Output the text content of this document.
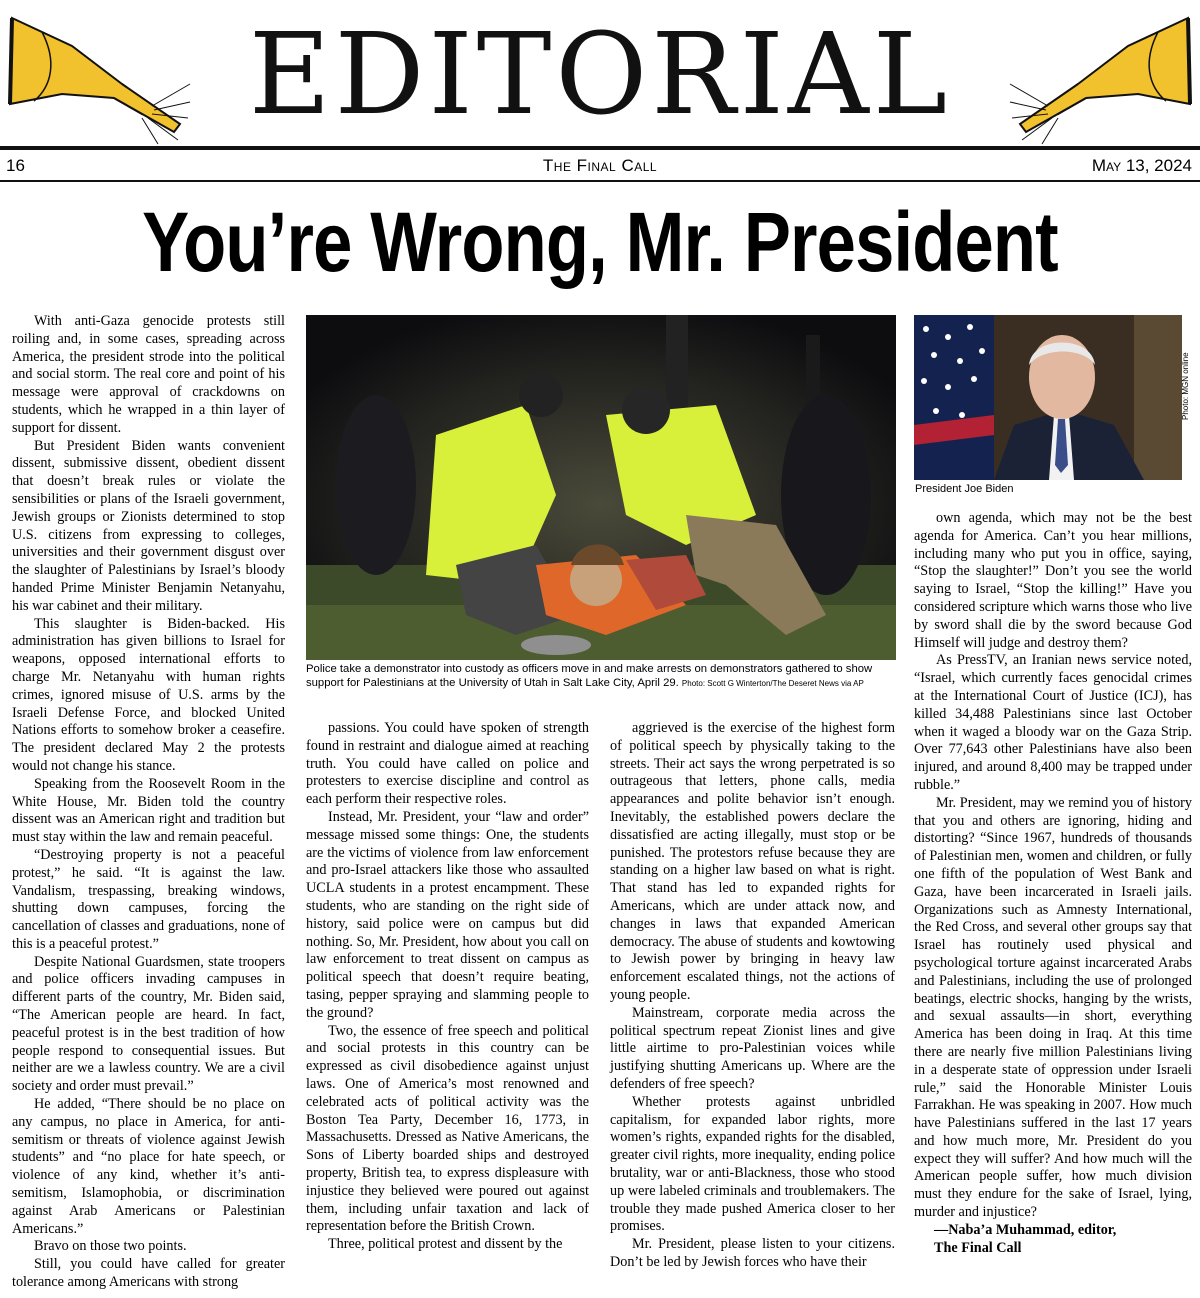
EDITORIAL
The Final Call
16	May 13, 2024
You’re Wrong, Mr. President

With anti-Gaza genocide protests still roiling and, in some cases, spreading across America, the president strode into the political and social storm. The real core and point of his message were approval of crackdowns on students, which he wrapped in a thin layer of support for dissent.

But President Biden wants convenient dissent, submissive dissent, obedient dissent that doesn’t break rules or violate the sensibilities or plans of the Israeli government, Jewish groups or Zionists determined to stop U.S. citizens from expressing to colleges, universities and their government disgust over the slaughter of Palestinians by Israel’s bloody handed Prime Minister Benjamin Netanyahu, his war cabinet and their military.

This slaughter is Biden-backed. His administration has given billions to Israel for weapons, opposed international efforts to charge Mr. Netanyahu with human rights crimes, ignored misuse of U.S. arms by the Israeli Defense Force, and blocked United Nations efforts to somehow broker a ceasefire. The president declared May 2 the protests would not change his stance.

Speaking from the Roosevelt Room in the White House, Mr. Biden told the country dissent was an American right and tradition but must stay within the law and remain peaceful.

“Destroying property is not a peaceful protest,” he said. “It is against the law. Vandalism, trespassing, breaking windows, shutting down campuses, forcing the cancellation of classes and graduations, none of this is a peaceful protest.”

Despite National Guardsmen, state troopers and police officers invading campuses in different parts of the country, Mr. Biden said, “The American people are heard. In fact, peaceful protest is in the best tradition of how people respond to consequential issues. But neither are we a lawless country. We are a civil society and order must prevail.”

He added, “There should be no place on any campus, no place in America, for anti-semitism or threats of violence against Jewish students” and “no place for hate speech, or violence of any kind, whether it’s anti-semitism, Islamophobia, or discrimination against Arab Americans or Palestinian Americans.”

Bravo on those two points.

Still, you could have called for greater tolerance among Americans with strong

Police take a demonstrator into custody as officers move in and make arrests on demonstrators gathered to show support for Palestinians at the University of Utah in Salt Lake City, April 29. Photo: Scott G Winterton/The Deseret News via AP
Photo: MGN online
President Joe Biden

passions. You could have spoken of strength found in restraint and dialogue aimed at reaching truth. You could have called on police and protesters to exercise discipline and control as each perform their respective roles.

Instead, Mr. President, your “law and order” message missed some things: One, the students are the victims of violence from law enforcement and pro-Israel attackers like those who assaulted UCLA students in a protest encampment. These students, who are standing on the right side of history, said police were on campus but did nothing. So, Mr. President, how about you call on law enforcement to treat dissent on campus as political speech that doesn’t require beating, tasing, pepper spraying and slamming people to the ground?

Two, the essence of free speech and political and social protests in this country can be expressed as civil disobedience against unjust laws. One of America’s most renowned and celebrated acts of political activity was the Boston Tea Party, December 16, 1773, in Massachusetts. Dressed as Native Americans, the Sons of Liberty boarded ships and destroyed property, British tea, to express displeasure with injustice they believed were poured out against them, including unfair taxation and lack of representation before the British Crown.

Three, political protest and dissent by the

aggrieved is the exercise of the highest form of political speech by physically taking to the streets. Their act says the wrong perpetrated is so outrageous that letters, phone calls, media appearances and polite behavior isn’t enough. Inevitably, the established powers declare the dissatisfied are acting illegally, must stop or be punished. The protestors refuse because they are standing on a higher law based on what is right. That stand has led to expanded rights for Americans, which are under attack now, and changes in laws that expanded American democracy. The abuse of students and kowtowing to Jewish power by bringing in heavy law enforcement escalated things, not the actions of young people.

Mainstream, corporate media across the political spectrum repeat Zionist lines and give little airtime to pro-Palestinian voices while justifying shutting Americans up. Where are the defenders of free speech?

Whether protests against unbridled capitalism, for expanded labor rights, more women’s rights, expanded rights for the disabled, greater civil rights, more inequality, ending police brutality, war or anti-Blackness, those who stood up were labeled criminals and troublemakers. The trouble they made pushed America closer to her promises.

Mr. President, please listen to your citizens. Don’t be led by Jewish forces who have their

own agenda, which may not be the best agenda for America. Can’t you hear millions, including many who put you in office, saying, “Stop the slaughter!” Don’t you see the world saying to Israel, “Stop the killing!” Have you considered scripture which warns those who live by sword shall die by the sword because God Himself will judge and destroy them?

As PressTV, an Iranian news service noted, “Israel, which currently faces genocidal crimes at the International Court of Justice (ICJ), has killed 34,488 Palestinians since last October when it waged a bloody war on the Gaza Strip. Over 77,643 other Palestinians have also been injured, and around 8,400 may be trapped under rubble.”

Mr. President, may we remind you of history that you and others are ignoring, hiding and distorting? “Since 1967, hundreds of thousands of Palestinian men, women and children, or fully one fifth of the population of West Bank and Gaza, have been incarcerated in Israeli jails. Organizations such as Amnesty International, the Red Cross, and several other groups say that Israel has routinely used physical and psychological torture against incarcerated Arabs and Palestinians, including the use of prolonged beatings, electric shocks, hanging by the wrists, and sexual assaults—in short, everything America has been doing in Iraq. At this time there are nearly five million Palestinians living in a desperate state of oppression under Israeli rule,” said the Honorable Minister Louis Farrakhan. He was speaking in 2007. How much have Palestinians suffered in the last 17 years and how much more, Mr. President do you expect they will suffer? And how much will the American people suffer, how much division must they endure for the sake of Israel, lying, murder and injustice?

—Naba’a Muhammad, editor,

The Final Call
